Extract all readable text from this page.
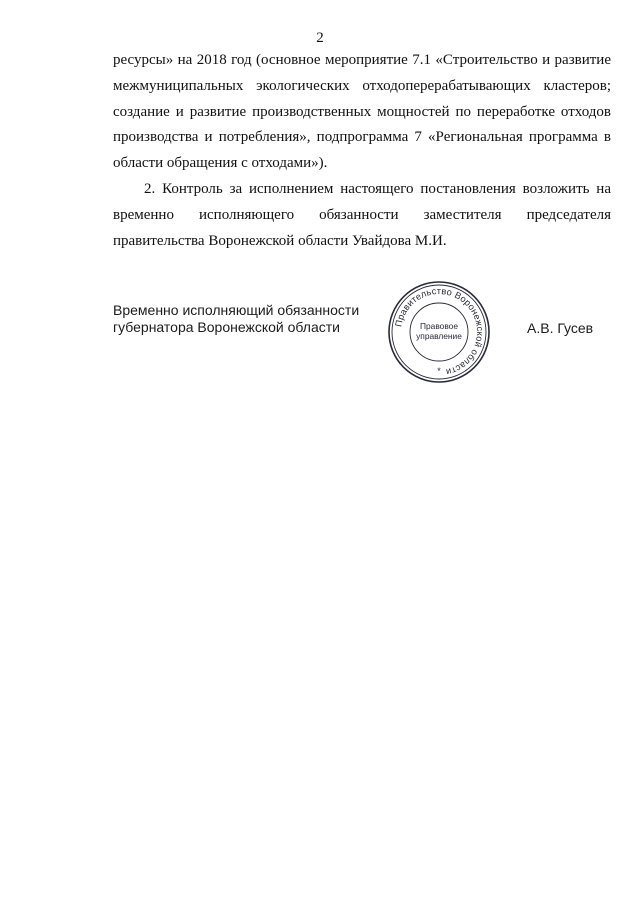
2

ресурсы» на 2018 год (основное мероприятие 7.1 «Строительство и развитие межмуниципальных экологических отходоперерабатывающих кластеров; создание и развитие производственных мощностей по переработке отходов производства и потребления», подпрограмма 7 «Региональная программа в области обращения с отходами»).

2. Контроль за исполнением настоящего постановления возложить на временно исполняющего обязанности заместителя председателя правительства Воронежской области Увайдова М.И.

Временно исполняющий обязанности
губернатора Воронежской области	Правительство Воронежской области
Правовое
управление
*
А.В. Гусев
